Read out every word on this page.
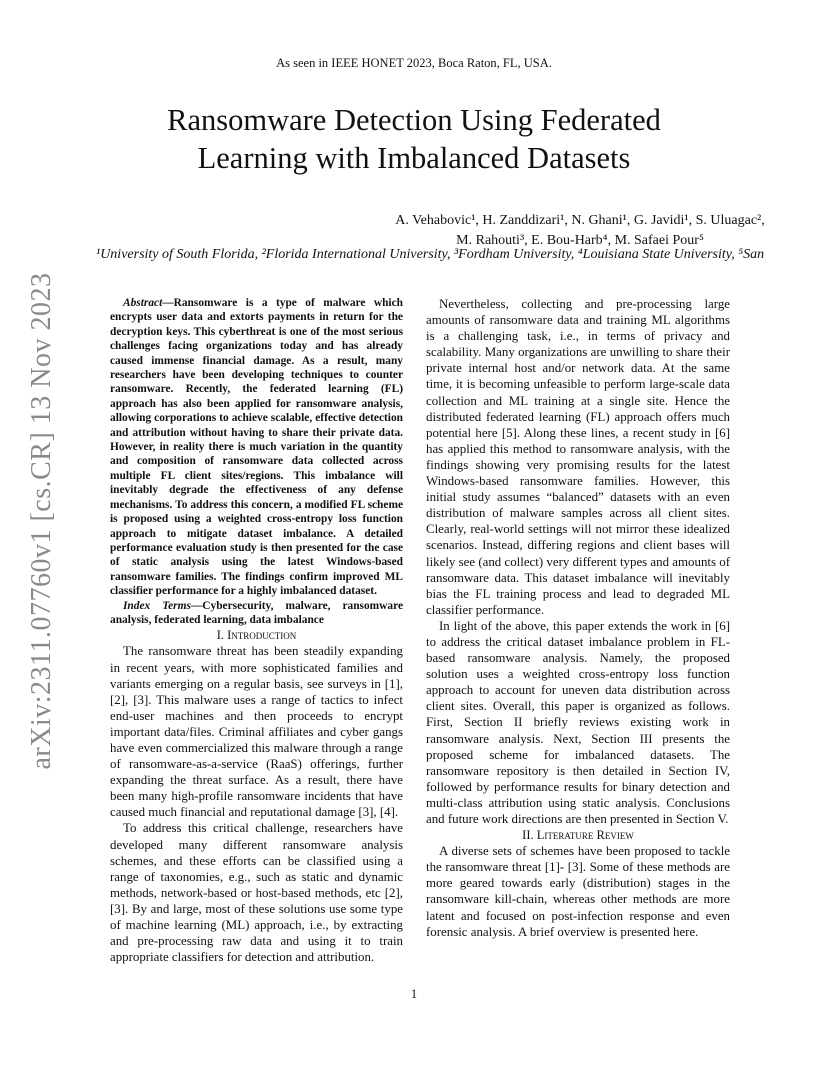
As seen in IEEE HONET 2023, Boca Raton, FL, USA.
Ransomware Detection Using Federated
Learning with Imbalanced Datasets
A. Vehabovic¹, H. Zanddizari¹, N. Ghani¹, G. Javidi¹, S. Uluagac²,
M. Rahouti³, E. Bou-Harb⁴, M. Safaei Pour⁵
¹University of South Florida, ²Florida International University, ³Fordham University, ⁴Louisiana State University, ⁵San
arXiv:2311.07760v1 [cs.CR] 13 Nov 2023	Abstract—Ransomware is a type of malware which encrypts user data and extorts payments in return for the decryption keys. This cyberthreat is one of the most serious challenges facing organizations today and has already caused immense financial damage. As a result, many researchers have been developing techniques to counter ransomware. Recently, the federated learning (FL) approach has also been applied for ransomware analysis, allowing corporations to achieve scalable, effective detection and attribution without having to share their private data. However, in reality there is much variation in the quantity and composition of ransomware data collected across multiple FL client sites/regions. This imbalance will inevitably degrade the effectiveness of any defense mechanisms. To address this concern, a modified FL scheme is proposed using a weighted cross-entropy loss function approach to mitigate dataset imbalance. A detailed performance evaluation study is then presented for the case of static analysis using the latest Windows-based ransomware families. The findings confirm improved ML classifier performance for a highly imbalanced dataset.

Index Terms—Cybersecurity, malware, ransomware analysis, federated learning, data imbalance

I. Introduction

The ransomware threat has been steadily expanding in recent years, with more sophisticated families and variants emerging on a regular basis, see surveys in [1], [2], [3]. This malware uses a range of tactics to infect end-user machines and then proceeds to encrypt important data/files. Criminal affiliates and cyber gangs have even commercialized this malware through a range of ransomware-as-a-service (RaaS) offerings, further expanding the threat surface. As a result, there have been many high-profile ransomware incidents that have caused much financial and reputational damage [3], [4].

To address this critical challenge, researchers have developed many different ransomware analysis schemes, and these efforts can be classified using a range of taxonomies, e.g., such as static and dynamic methods, network-based or host-based methods, etc [2], [3]. By and large, most of these solutions use some type of machine learning (ML) approach, i.e., by extracting and pre-processing raw data and using it to train appropriate classifiers for detection and attribution.

Nevertheless, collecting and pre-processing large amounts of ransomware data and training ML algorithms is a challenging task, i.e., in terms of privacy and scalability. Many organizations are unwilling to share their private internal host and/or network data. At the same time, it is becoming unfeasible to perform large-scale data collection and ML training at a single site. Hence the distributed federated learning (FL) approach offers much potential here [5]. Along these lines, a recent study in [6] has applied this method to ransomware analysis, with the findings showing very promising results for the latest Windows-based ransomware families. However, this initial study assumes “balanced” datasets with an even distribution of malware samples across all client sites. Clearly, real-world settings will not mirror these idealized scenarios. Instead, differing regions and client bases will likely see (and collect) very different types and amounts of ransomware data. This dataset imbalance will inevitably bias the FL training process and lead to degraded ML classifier performance.

In light of the above, this paper extends the work in [6] to address the critical dataset imbalance problem in FL-based ransomware analysis. Namely, the proposed solution uses a weighted cross-entropy loss function approach to account for uneven data distribution across client sites. Overall, this paper is organized as follows. First, Section II briefly reviews existing work in ransomware analysis. Next, Section III presents the proposed scheme for imbalanced datasets. The ransomware repository is then detailed in Section IV, followed by performance results for binary detection and multi-class attribution using static analysis. Conclusions and future work directions are then presented in Section V.

II. Literature Review

A diverse sets of schemes have been proposed to tackle the ransomware threat [1]- [3]. Some of these methods are more geared towards early (distribution) stages in the ransomware kill-chain, whereas other methods are more latent and focused on post-infection response and even forensic analysis. A brief overview is presented here.

1
